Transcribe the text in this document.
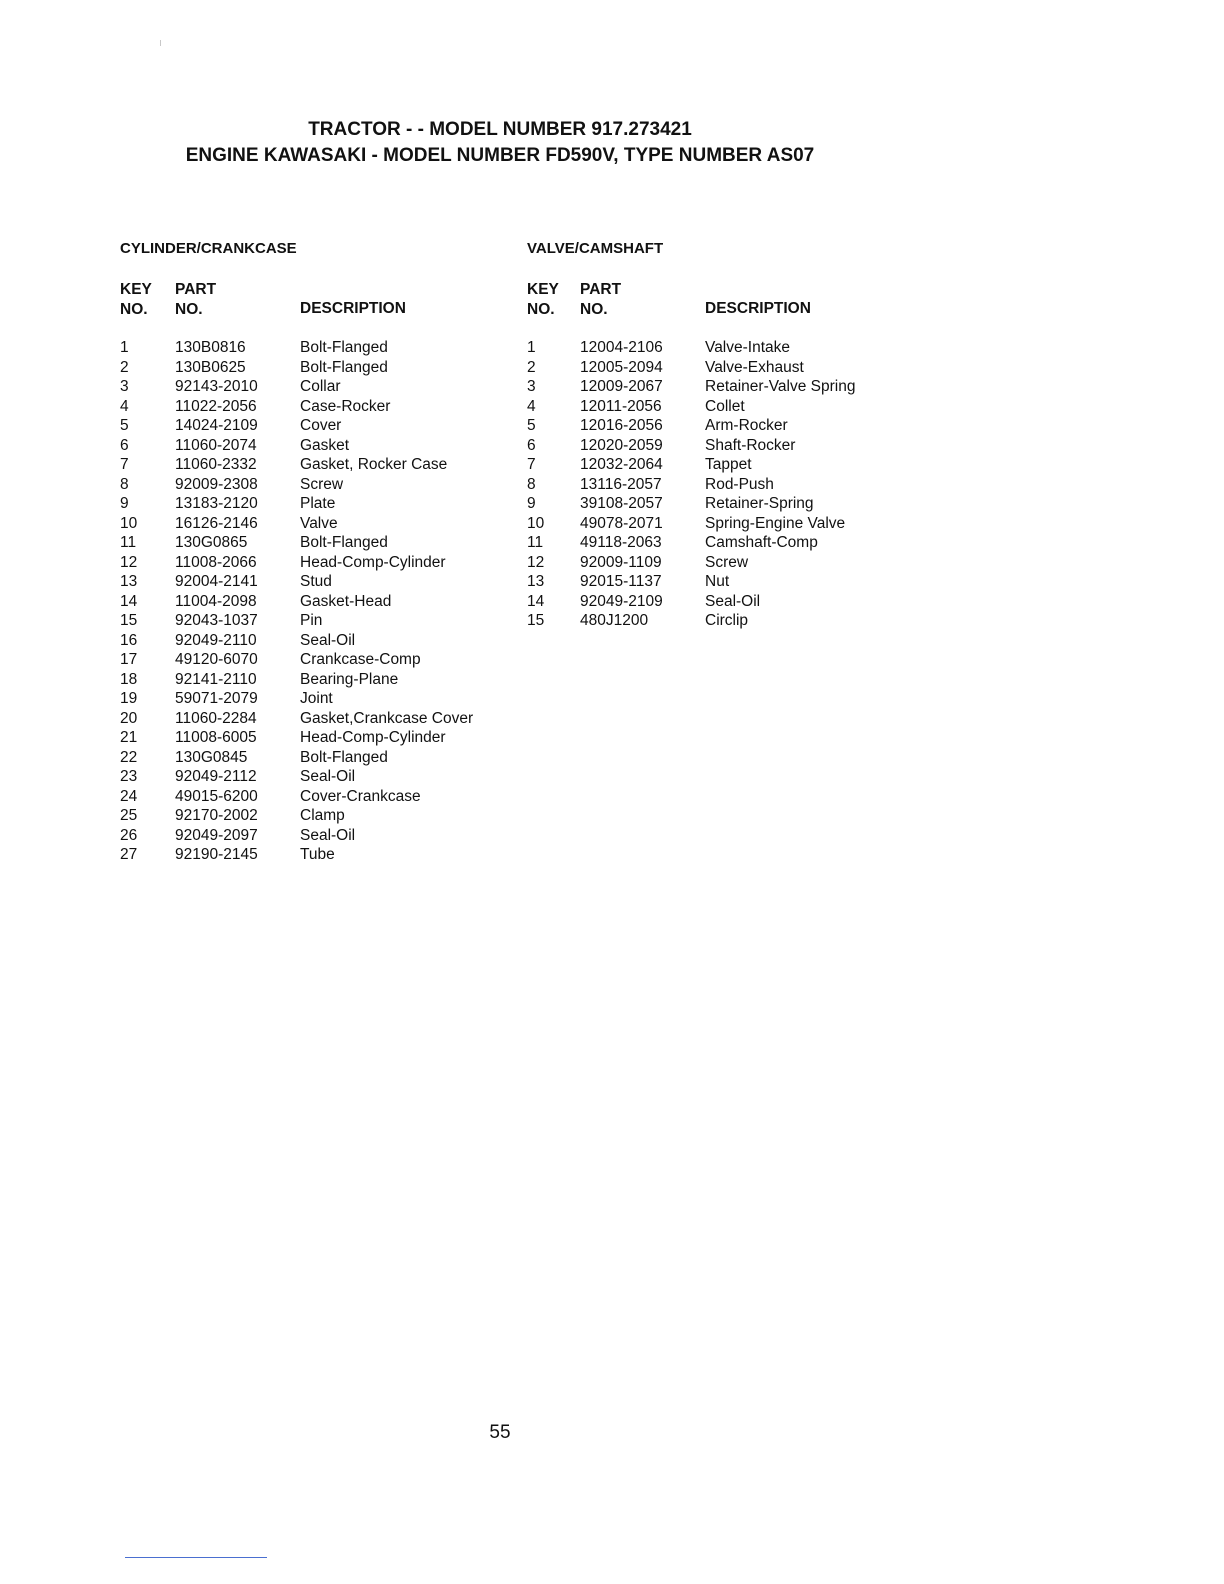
TRACTOR - - MODEL NUMBER 917.273421
ENGINE KAWASAKI - MODEL NUMBER FD590V, TYPE NUMBER AS07
CYLINDER/CRANKCASE
KEY
NO.
PART
NO.	DESCRIPTION
1	130B0816	Bolt-Flanged
2	130B0625	Bolt-Flanged
3	92143-2010	Collar
4	11022-2056	Case-Rocker
5	14024-2109	Cover
6	11060-2074	Gasket
7	11060-2332	Gasket, Rocker Case
8	92009-2308	Screw
9	13183-2120	Plate
10 16126-2146	Valve
11	130G0865	Bolt-Flanged
12 11008-2066	Head-Comp-Cylinder
13 92004-2141	Stud
14 11004-2098	Gasket-Head
15 92043-1037	Pin
16 92049-2110	Seal-Oil
17 49120-6070	Crankcase-Comp
18 92141-2110	Bearing-Plane
19 59071-2079	Joint
20 11060-2284	Gasket,Crankcase Cover
21 11008-6005	Head-Comp-Cylinder
22 130G0845	Bolt-Flanged
23 92049-2112	Seal-Oil
24 49015-6200	Cover-Crankcase
25 92170-2002	Clamp
26 92049-2097	Seal-Oil
27 92190-2145	Tube
VALVE/CAMSHAFT
KEY
NO.
PART
NO.	DESCRIPTION
1	12004-2106	Valve-Intake
2	12005-2094	Valve-Exhaust
3	12009-2067	Retainer-Valve Spring
4	12011-2056	Collet
5	12016-2056	Arm-Rocker
6	12020-2059	Shaft-Rocker
7	12032-2064	Tappet
8	13116-2057	Rod-Push
9	39108-2057	Retainer-Spring
10 49078-2071	Spring-Engine Valve
11 49118-2063	Camshaft-Comp
12 92009-1109	Screw
13 92015-1137	Nut
14 92049-2109	Seal-Oil
15 480J1200	Circlip
55
